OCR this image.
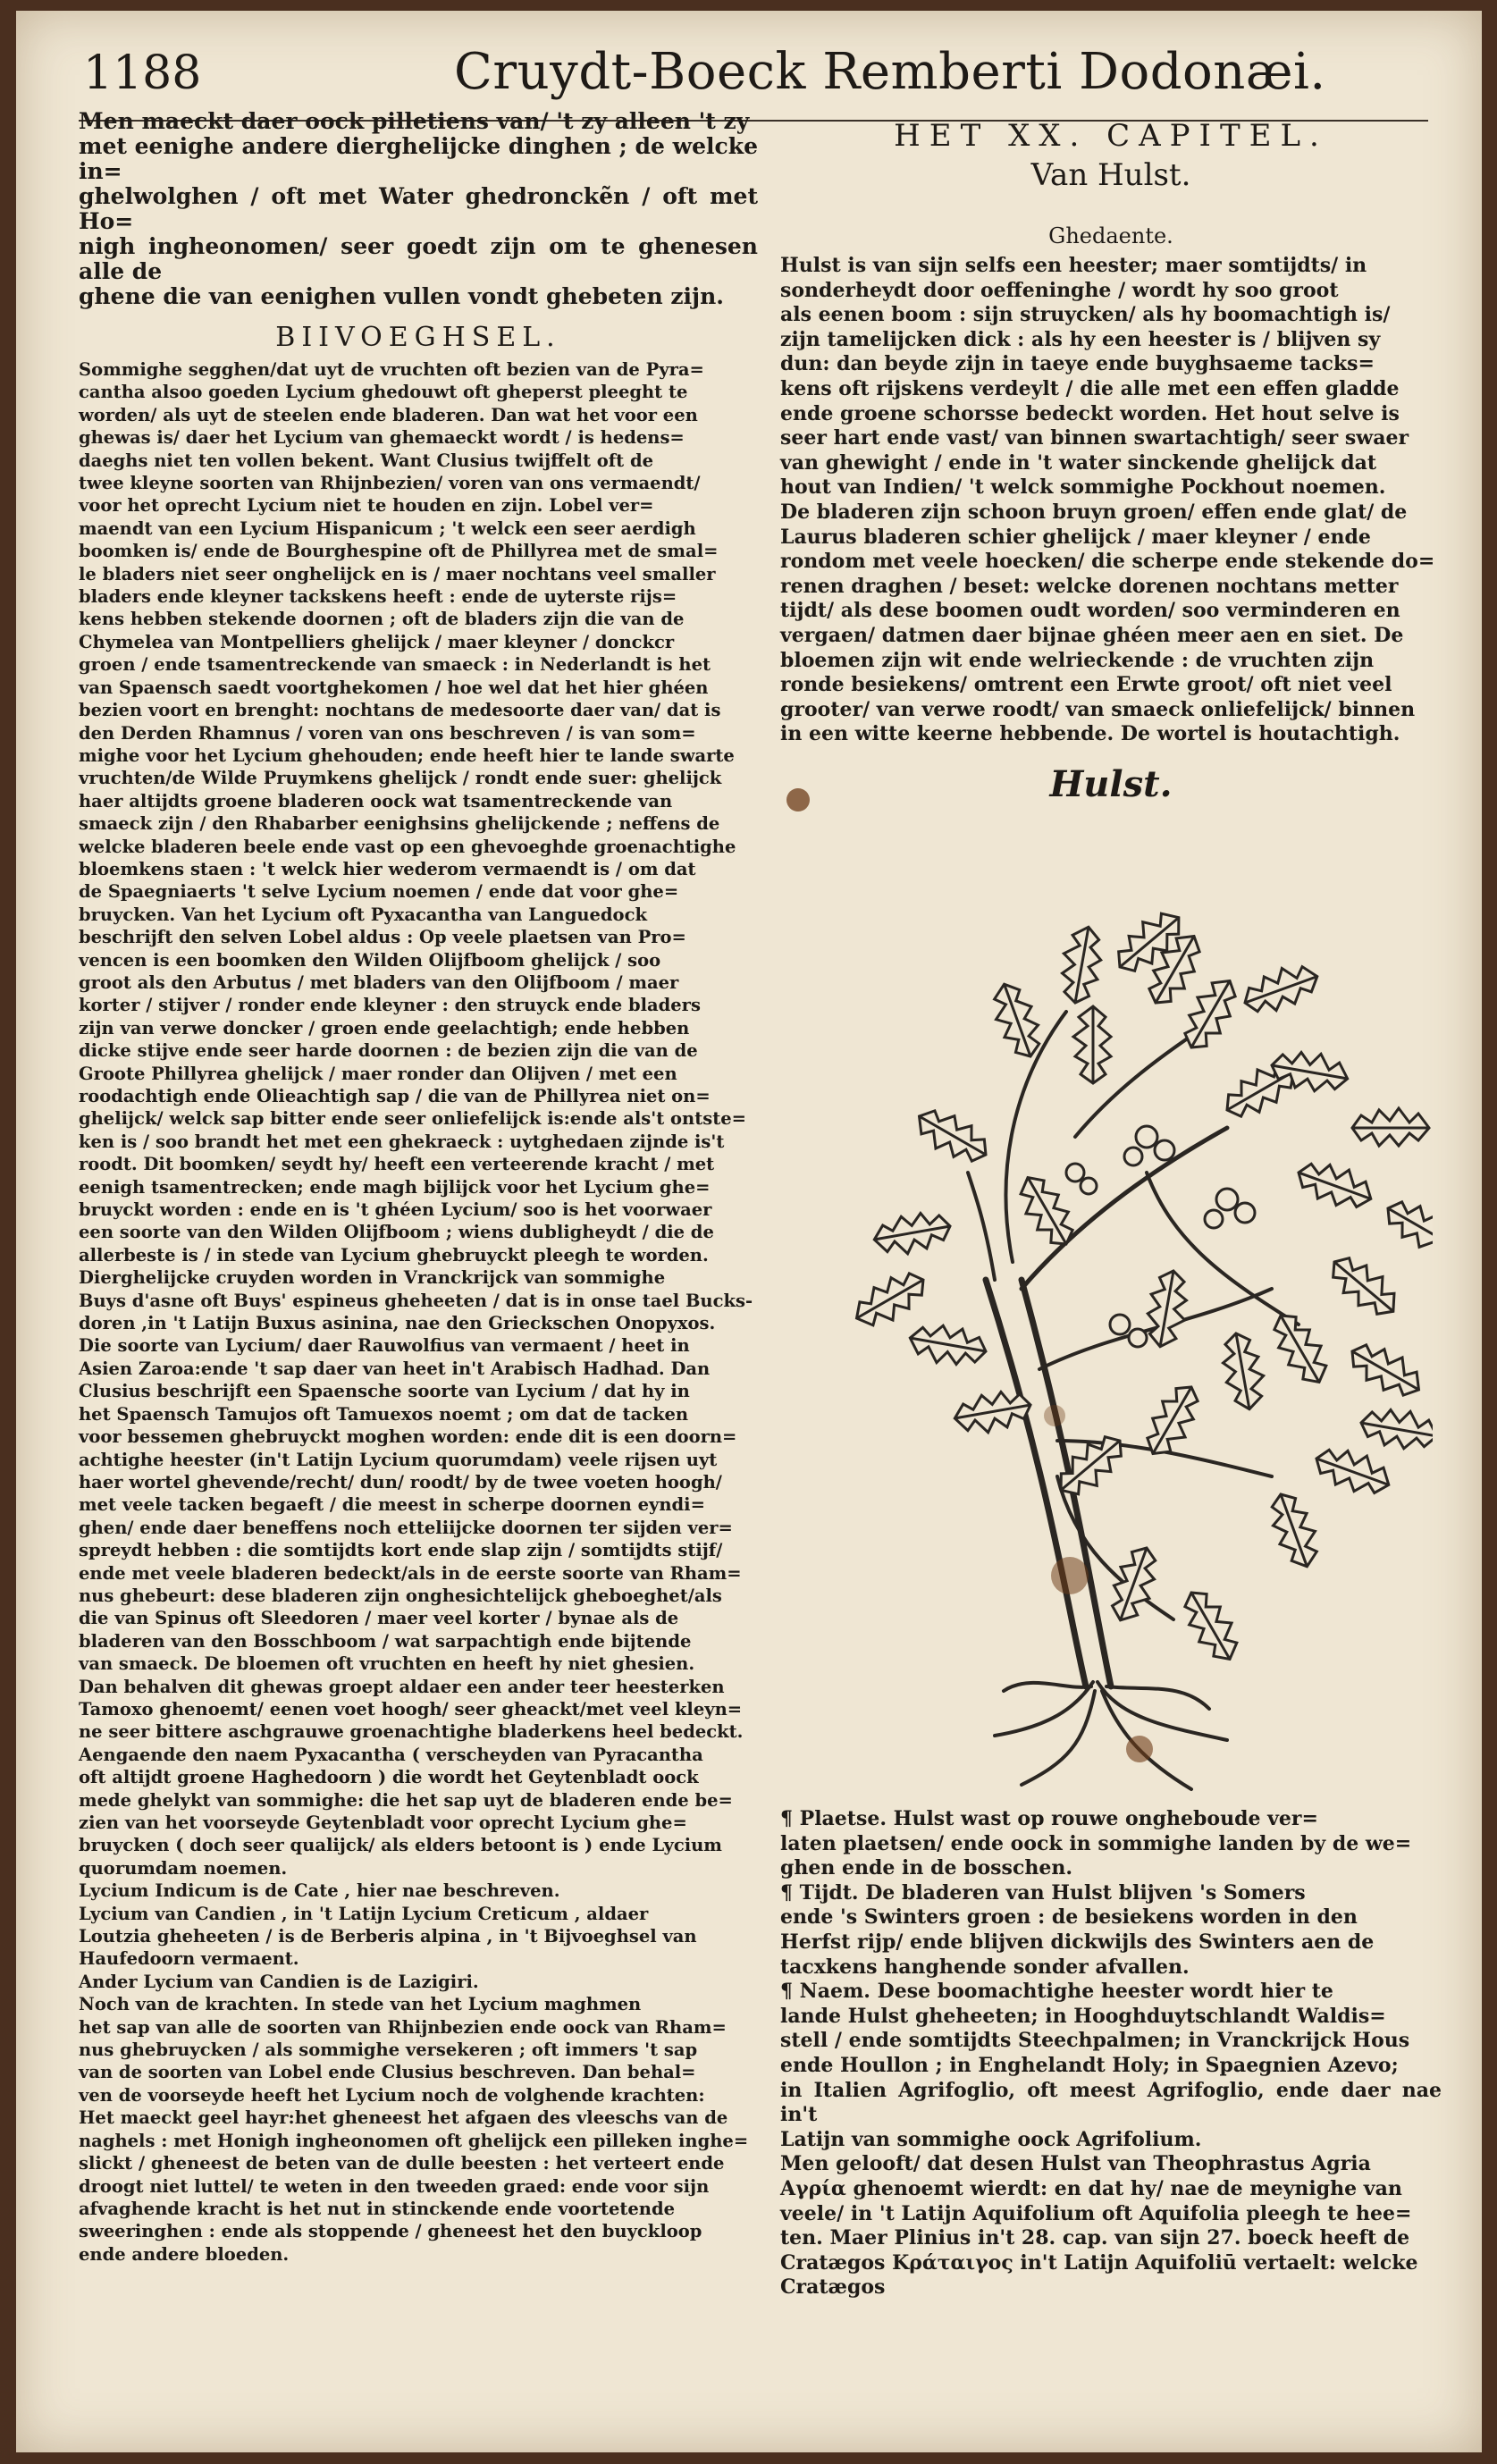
1188	Cruydt-Boeck Remberti Dodonæi.

Men maeckt daer oock pilletiens van/ 't zy alleen 't zy

met eenighe andere dierghelijcke dinghen ; de welcke in=

ghelwolghen / oft met Water ghedronckẽn / oft met Ho=

nigh ingheonomen/ seer goedt zijn om te ghenesen alle de

ghene die van eenighen vullen vondt ghebeten zijn.

BIIVOEGHSEL.

Sommighe segghen/dat uyt de vruchten oft bezien van de Pyra=

cantha alsoo goeden Lycium ghedouwt oft gheperst pleeght te

worden/ als uyt de steelen ende bladeren. Dan wat het voor een

ghewas is/ daer het Lycium van ghemaeckt wordt / is hedens=

daeghs niet ten vollen bekent. Want Clusius twijffelt oft de

twee kleyne soorten van Rhijnbezien/ voren van ons vermaendt/

voor het oprecht Lycium niet te houden en zijn. Lobel ver=

maendt van een Lycium Hispanicum ; 't welck een seer aerdigh

boomken is/ ende de Bourghespine oft de Phillyrea met de smal=

le bladers niet seer onghelijck en is / maer nochtans veel smaller

bladers ende kleyner tackskens heeft : ende de uyterste rijs=

kens hebben stekende doornen ; oft de bladers zijn die van de

Chymelea van Montpelliers ghelijck / maer kleyner / donckcr

groen / ende tsamentreckende van smaeck : in Nederlandt is het

van Spaensch saedt voortghekomen / hoe wel dat het hier ghéen

bezien voort en brenght: nochtans de medesoorte daer van/ dat is

den Derden Rhamnus / voren van ons beschreven / is van som=

mighe voor het Lycium ghehouden; ende heeft hier te lande swarte

vruchten/de Wilde Pruymkens ghelijck / rondt ende suer: ghelijck

haer altijdts groene bladeren oock wat tsamentreckende van

smaeck zijn / den Rhabarber eenighsins ghelijckende ; neffens de

welcke bladeren beele ende vast op een ghevoeghde groenachtighe

bloemkens staen : 't welck hier wederom vermaendt is / om dat

de Spaegniaerts 't selve Lycium noemen / ende dat voor ghe=

bruycken. Van het Lycium oft Pyxacantha van Languedock

beschrijft den selven Lobel aldus : Op veele plaetsen van Pro=

vencen is een boomken den Wilden Olijfboom ghelijck / soo

groot als den Arbutus / met bladers van den Olijfboom / maer

korter / stijver / ronder ende kleyner : den struyck ende bladers

zijn van verwe doncker / groen ende geelachtigh; ende hebben

dicke stijve ende seer harde doornen : de bezien zijn die van de

Groote Phillyrea ghelijck / maer ronder dan Olijven / met een

roodachtigh ende Olieachtigh sap / die van de Phillyrea niet on=

ghelijck/ welck sap bitter ende seer onliefelijck is:ende als't ontste=

ken is / soo brandt het met een ghekraeck : uytghedaen zijnde is't

roodt. Dit boomken/ seydt hy/ heeft een verteerende kracht / met

eenigh tsamentrecken; ende magh bijlijck voor het Lycium ghe=

bruyckt worden : ende en is 't ghéen Lycium/ soo is het voorwaer

een soorte van den Wilden Olijfboom ; wiens dubligheydt / die de

allerbeste is / in stede van Lycium ghebruyckt pleegh te worden.

Dierghelijcke cruyden worden in Vranckrijck van sommighe

Buys d'asne oft Buys' espineus gheheeten / dat is in onse tael Bucks-

doren ,in 't Latijn Buxus asinina, nae den Grieckschen Onopyxos.

Die soorte van Lycium/ daer Rauwolfius van vermaent / heet in

Asien Zaroa:ende 't sap daer van heet in't Arabisch Hadhad. Dan

Clusius beschrijft een Spaensche soorte van Lycium / dat hy in

het Spaensch Tamujos oft Tamuexos noemt ; om dat de tacken

voor bessemen ghebruyckt moghen worden: ende dit is een doorn=

achtighe heester (in't Latijn Lycium quorumdam) veele rijsen uyt

haer wortel ghevende/recht/ dun/ roodt/ by de twee voeten hoogh/

met veele tacken begaeft / die meest in scherpe doornen eyndi=

ghen/ ende daer beneffens noch etteliijcke doornen ter sijden ver=

spreydt hebben : die somtijdts kort ende slap zijn / somtijdts stijf/

ende met veele bladeren bedeckt/als in de eerste soorte van Rham=

nus ghebeurt: dese bladeren zijn onghesichtelijck gheboeghet/als

die van Spinus oft Sleedoren / maer veel korter / bynae als de

bladeren van den Bosschboom / wat sarpachtigh ende bijtende

van smaeck. De bloemen oft vruchten en heeft hy niet ghesien.

Dan behalven dit ghewas groept aldaer een ander teer heesterken

Tamoxo ghenoemt/ eenen voet hoogh/ seer gheackt/met veel kleyn=

ne seer bittere aschgrauwe groenachtighe bladerkens heel bedeckt.

Aengaende den naem Pyxacantha ( verscheyden van Pyracantha

oft altijdt groene Haghedoorn ) die wordt het Geytenbladt oock

mede ghelykt van sommighe: die het sap uyt de bladeren ende be=

zien van het voorseyde Geytenbladt voor oprecht Lycium ghe=

bruycken ( doch seer qualijck/ als elders betoont is ) ende Lycium

quorumdam noemen.

Lycium Indicum is de Cate , hier nae beschreven.

Lycium van Candien , in 't Latijn Lycium Creticum , aldaer

Loutzia gheheeten / is de Berberis alpina , in 't Bijvoeghsel van

Haufedoorn vermaent.

Ander Lycium van Candien is de Lazigiri.

Noch van de krachten. In stede van het Lycium maghmen

het sap van alle de soorten van Rhijnbezien ende oock van Rham=

nus ghebruycken / als sommighe versekeren ; oft immers 't sap

van de soorten van Lobel ende Clusius beschreven. Dan behal=

ven de voorseyde heeft het Lycium noch de volghende krachten:

Het maeckt geel hayr:het gheneest het afgaen des vleeschs van de

naghels : met Honigh ingheonomen oft ghelijck een pilleken inghe=

slickt / gheneest de beten van de dulle beesten : het verteert ende

droogt niet luttel/ te weten in den tweeden graed: ende voor sijn

afvaghende kracht is het nut in stinckende ende voortetende

sweeringhen : ende als stoppende / gheneest het den buyckloop

ende andere bloeden.

HET XX. CAPITEL.
Van Hulst.
Ghedaente.

Hulst is van sijn selfs een heester; maer somtijdts/ in

sonderheydt door oeffeninghe / wordt hy soo groot

als eenen boom : sijn struycken/ als hy boomachtigh is/

zijn tamelijcken dick : als hy een heester is / blijven sy

dun: dan beyde zijn in taeye ende buyghsaeme tacks=

kens oft rijskens verdeylt / die alle met een effen gladde

ende groene schorsse bedeckt worden. Het hout selve is

seer hart ende vast/ van binnen swartachtigh/ seer swaer

van ghewight / ende in 't water sinckende ghelijck dat

hout van Indien/ 't welck sommighe Pockhout noemen.

De bladeren zijn schoon bruyn groen/ effen ende glat/ de

Laurus bladeren schier ghelijck / maer kleyner / ende

rondom met veele hoecken/ die scherpe ende stekende do=

renen draghen / beset: welcke dorenen nochtans metter

tijdt/ als dese boomen oudt worden/ soo verminderen en

vergaen/ datmen daer bijnae ghéen meer aen en siet. De

bloemen zijn wit ende welrieckende : de vruchten zijn

ronde besiekens/ omtrent een Erwte groot/ oft niet veel

grooter/ van verwe roodt/ van smaeck onliefelijck/ binnen

in een witte keerne hebbende. De wortel is houtachtigh.

Hulst.

¶ Plaetse. Hulst wast op rouwe ongheboude ver=

laten plaetsen/ ende oock in sommighe landen by de we=

ghen ende in de bosschen.

¶ Tijdt. De bladeren van Hulst blijven 's Somers

ende 's Swinters groen : de besiekens worden in den

Herfst rijp/ ende blijven dickwijls des Swinters aen de

tacxkens hanghende sonder afvallen.

¶ Naem. Dese boomachtighe heester wordt hier te

lande Hulst gheheeten; in Hooghduytschlandt Waldis=

stell / ende somtijdts Steechpalmen; in Vranckrijck Hous

ende Houllon ; in Enghelandt Holy; in Spaegnien Azevo;

in Italien Agrifoglio, oft meest Agrifoglio, ende daer nae in't

Latijn van sommighe oock Agrifolium.

Men gelooft/ dat desen Hulst van Theophrastus Agria

Aγρία ghenoemt wierdt: en dat hy/ nae de meynighe van

veele/ in 't Latijn Aquifolium oft Aquifolia pleegh te hee=

ten. Maer Plinius in't 28. cap. van sijn 27. boeck heeft de

Cratægos Κράταιγος in't Latijn Aquifoliū vertaelt: welcke

Cratægos
